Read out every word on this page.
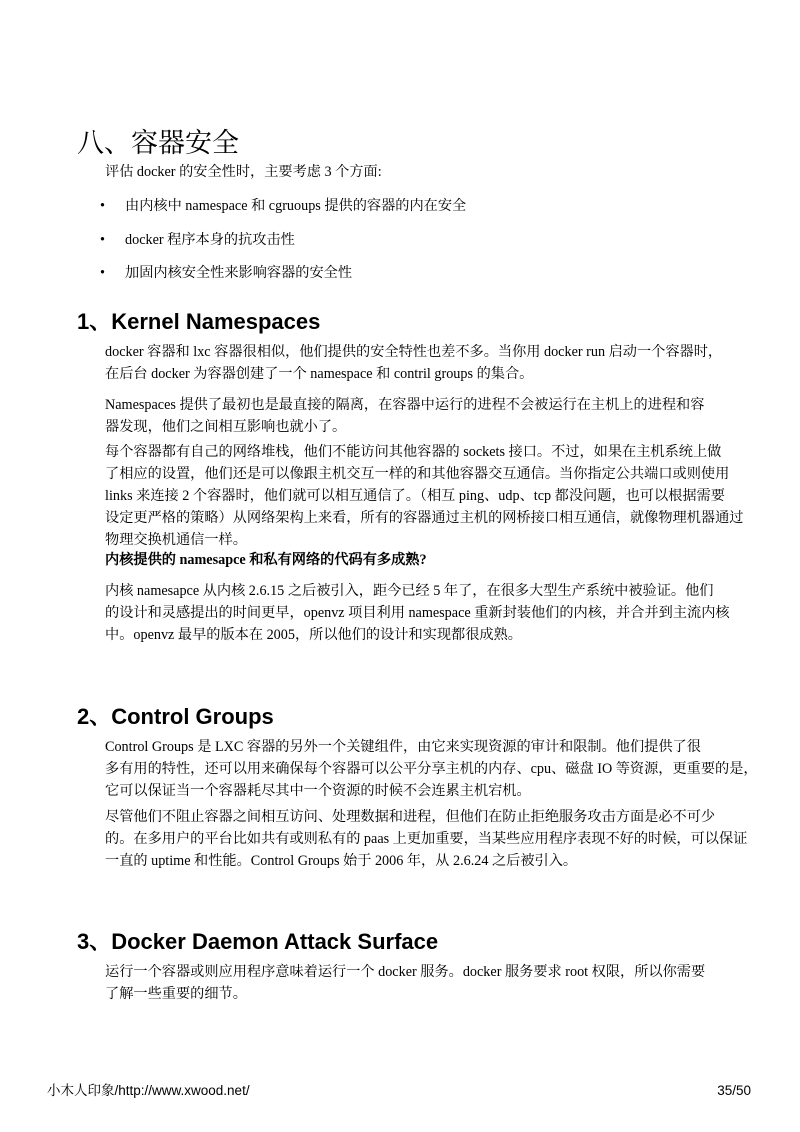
八、容器安全

评估 docker 的安全性时，主要考虑 3 个方面:

• 由内核中 namespace 和 cgruoups 提供的容器的内在安全

• docker 程序本身的抗攻击性

• 加固内核安全性来影响容器的安全性

1、Kernel Namespaces

docker 容器和 lxc 容器很相似，他们提供的安全特性也差不多。当你用 docker run 启动一个容器时，
在后台 docker 为容器创建了一个 namespace 和 contril groups 的集合。

Namespaces 提供了最初也是最直接的隔离，在容器中运行的进程不会被运行在主机上的进程和容
器发现，他们之间相互影响也就小了。

每个容器都有自己的网络堆栈，他们不能访问其他容器的 sockets 接口。不过，如果在主机系统上做
了相应的设置，他们还是可以像跟主机交互一样的和其他容器交互通信。当你指定公共端口或则使用
links 来连接 2 个容器时，他们就可以相互通信了。（相互 ping、udp、tcp 都没问题，也可以根据需要
设定更严格的策略）从网络架构上来看，所有的容器通过主机的网桥接口相互通信，就像物理机器通过
物理交换机通信一样。

内核提供的 namesapce 和私有网络的代码有多成熟?

内核 namesapce 从内核 2.6.15 之后被引入，距今已经 5 年了，在很多大型生产系统中被验证。他们
的设计和灵感提出的时间更早，openvz 项目利用 namespace 重新封装他们的内核，并合并到主流内核
中。openvz 最早的版本在 2005，所以他们的设计和实现都很成熟。

2、Control Groups

Control Groups 是 LXC 容器的另外一个关键组件，由它来实现资源的审计和限制。他们提供了很
多有用的特性，还可以用来确保每个容器可以公平分享主机的内存、cpu、磁盘 IO 等资源，更重要的是，
它可以保证当一个容器耗尽其中一个资源的时候不会连累主机宕机。

尽管他们不阻止容器之间相互访问、处理数据和进程，但他们在防止拒绝服务攻击方面是必不可少
的。在多用户的平台比如共有或则私有的 paas 上更加重要，当某些应用程序表现不好的时候，可以保证
一直的 uptime 和性能。Control Groups 始于 2006 年，从 2.6.24 之后被引入。

3、Docker Daemon Attack Surface

运行一个容器或则应用程序意味着运行一个 docker 服务。docker 服务要求 root 权限，所以你需要
了解一些重要的细节。

小木人印象/http://www.xwood.net/	35/50
